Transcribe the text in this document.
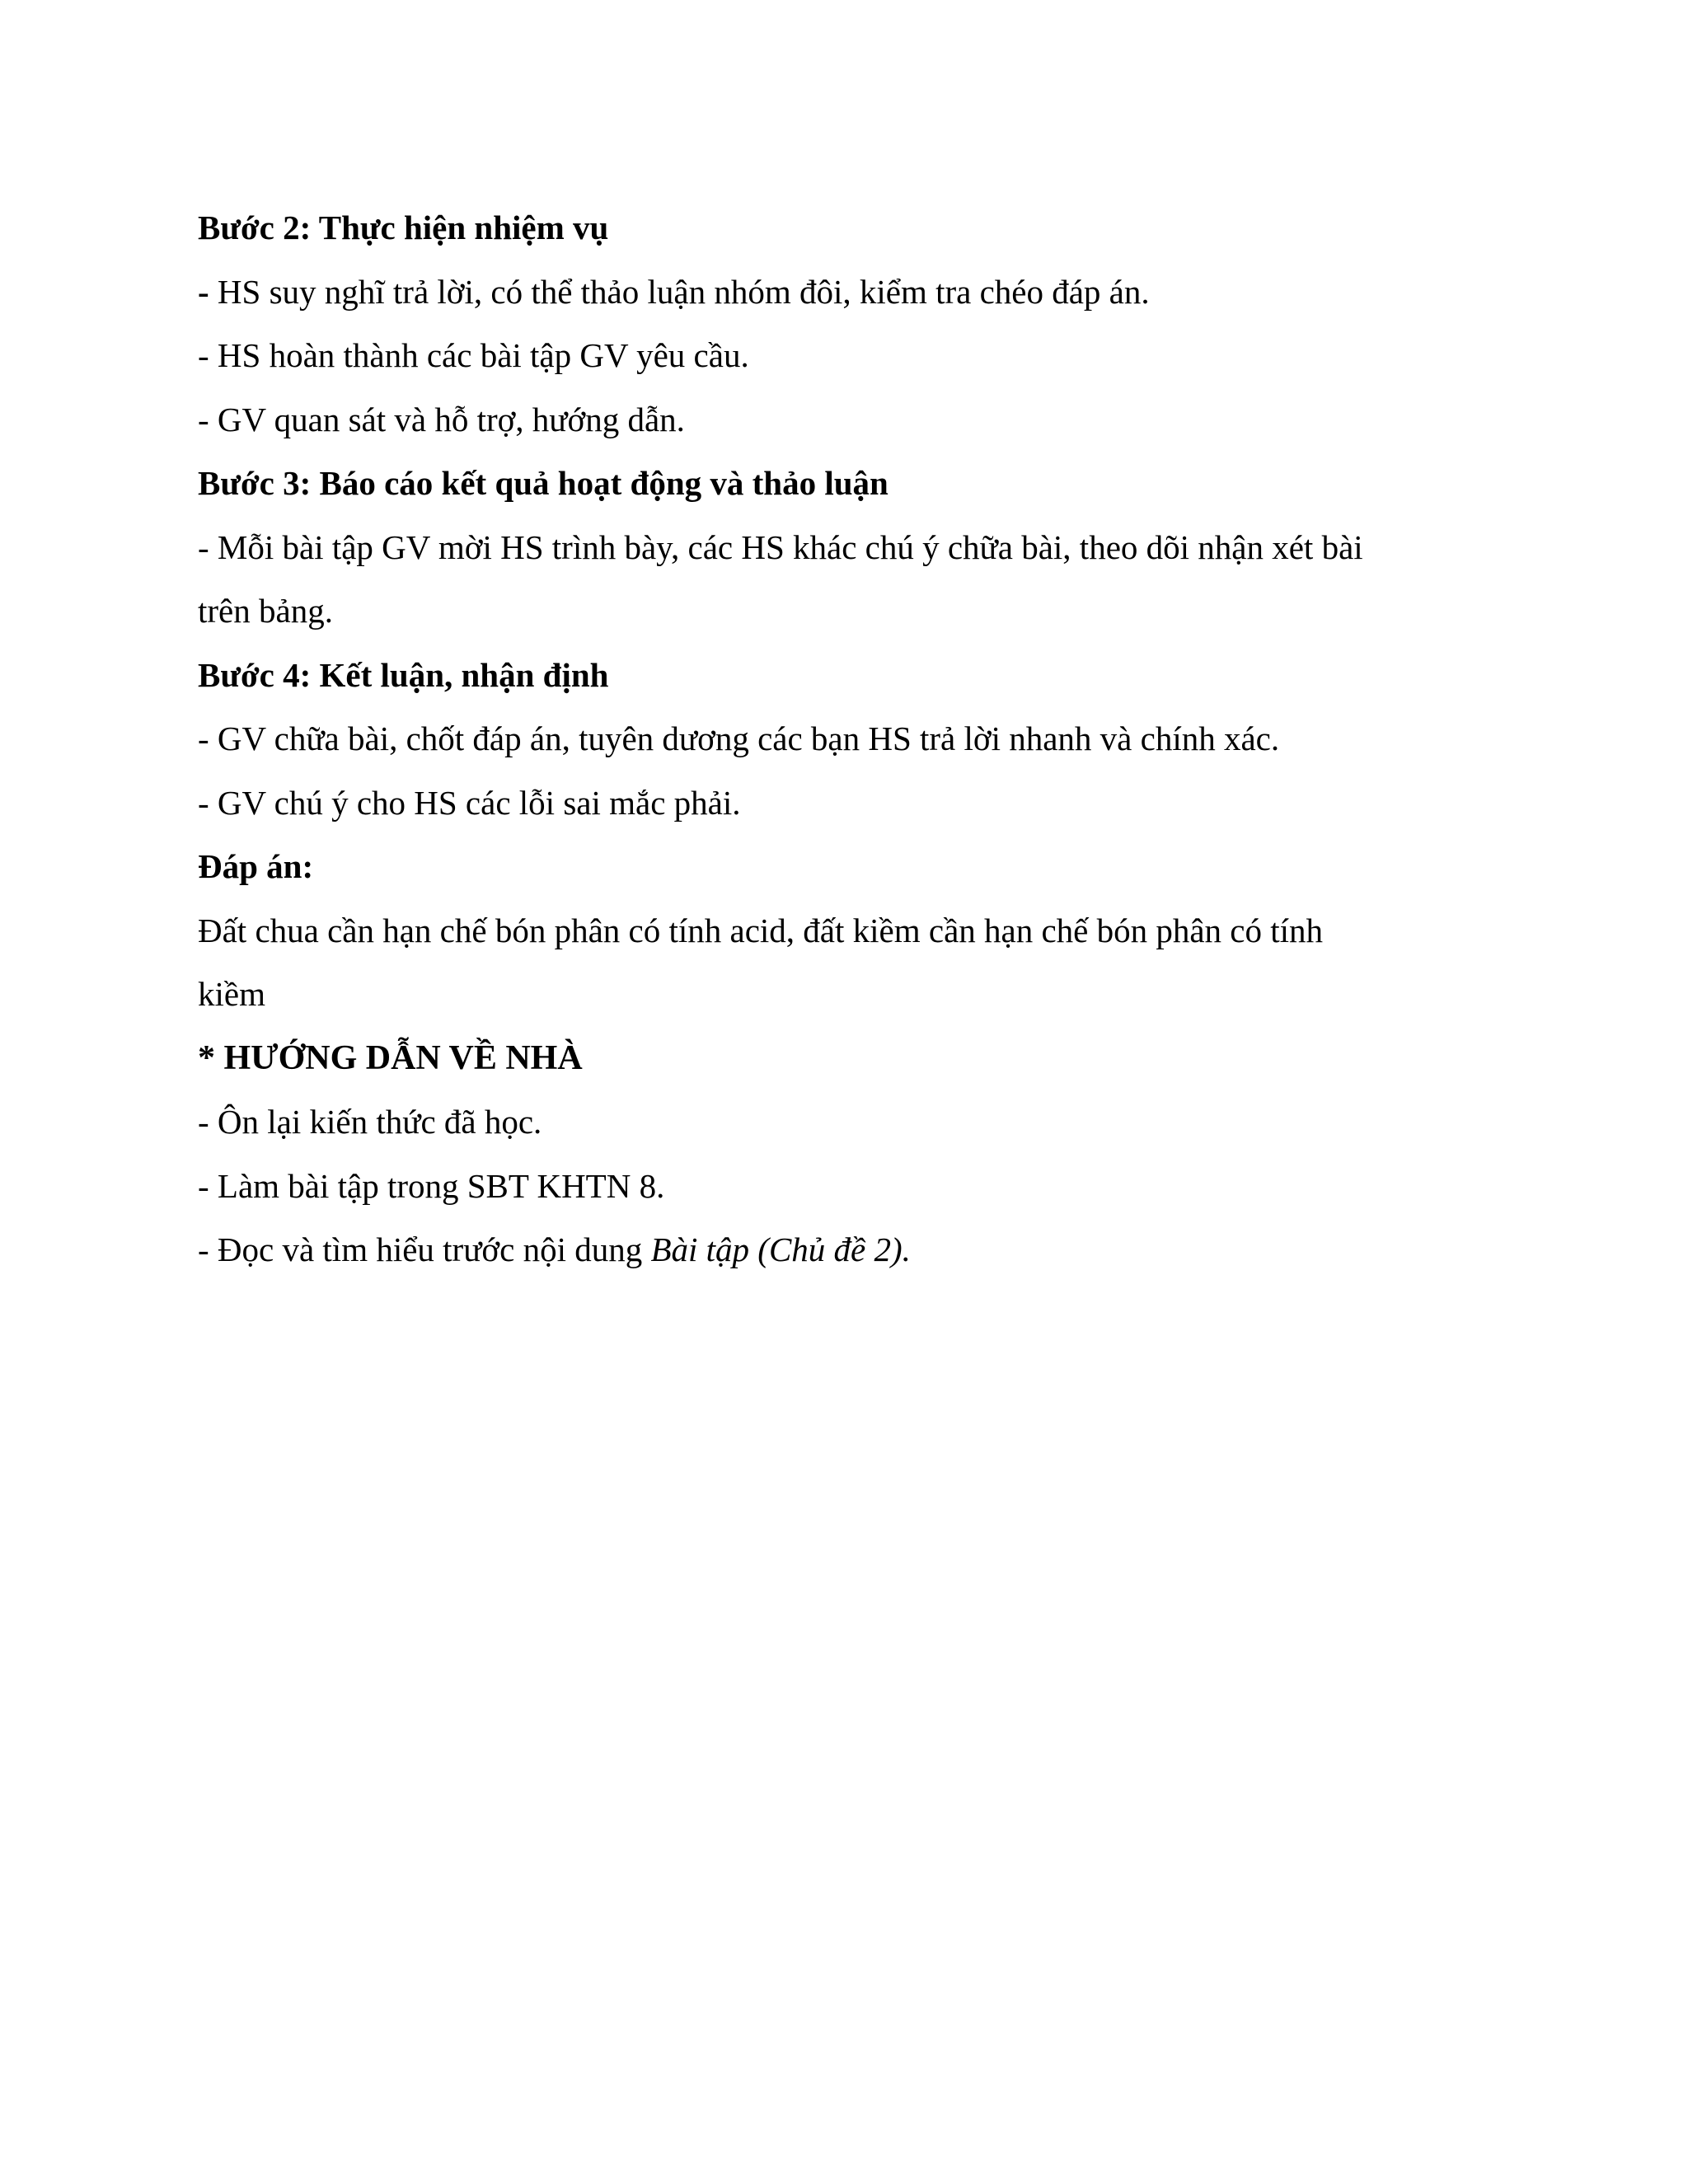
Bước 2: Thực hiện nhiệm vụ

- HS suy nghĩ trả lời, có thể thảo luận nhóm đôi, kiểm tra chéo đáp án.

- HS hoàn thành các bài tập GV yêu cầu.

- GV quan sát và hỗ trợ, hướng dẫn.

Bước 3: Báo cáo kết quả hoạt động và thảo luận

- Mỗi bài tập GV mời HS trình bày, các HS khác chú ý chữa bài, theo dõi nhận xét bài

trên bảng.

Bước 4: Kết luận, nhận định

- GV chữa bài, chốt đáp án, tuyên dương các bạn HS trả lời nhanh và chính xác.

- GV chú ý cho HS các lỗi sai mắc phải.

Đáp án:

Đất chua cần hạn chế bón phân có tính acid, đất kiềm cần hạn chế bón phân có tính

kiềm

* HƯỚNG DẪN VỀ NHÀ

- Ôn lại kiến thức đã học.

- Làm bài tập trong SBT KHTN 8.

- Đọc và tìm hiểu trước nội dung Bài tập (Chủ đề 2).
